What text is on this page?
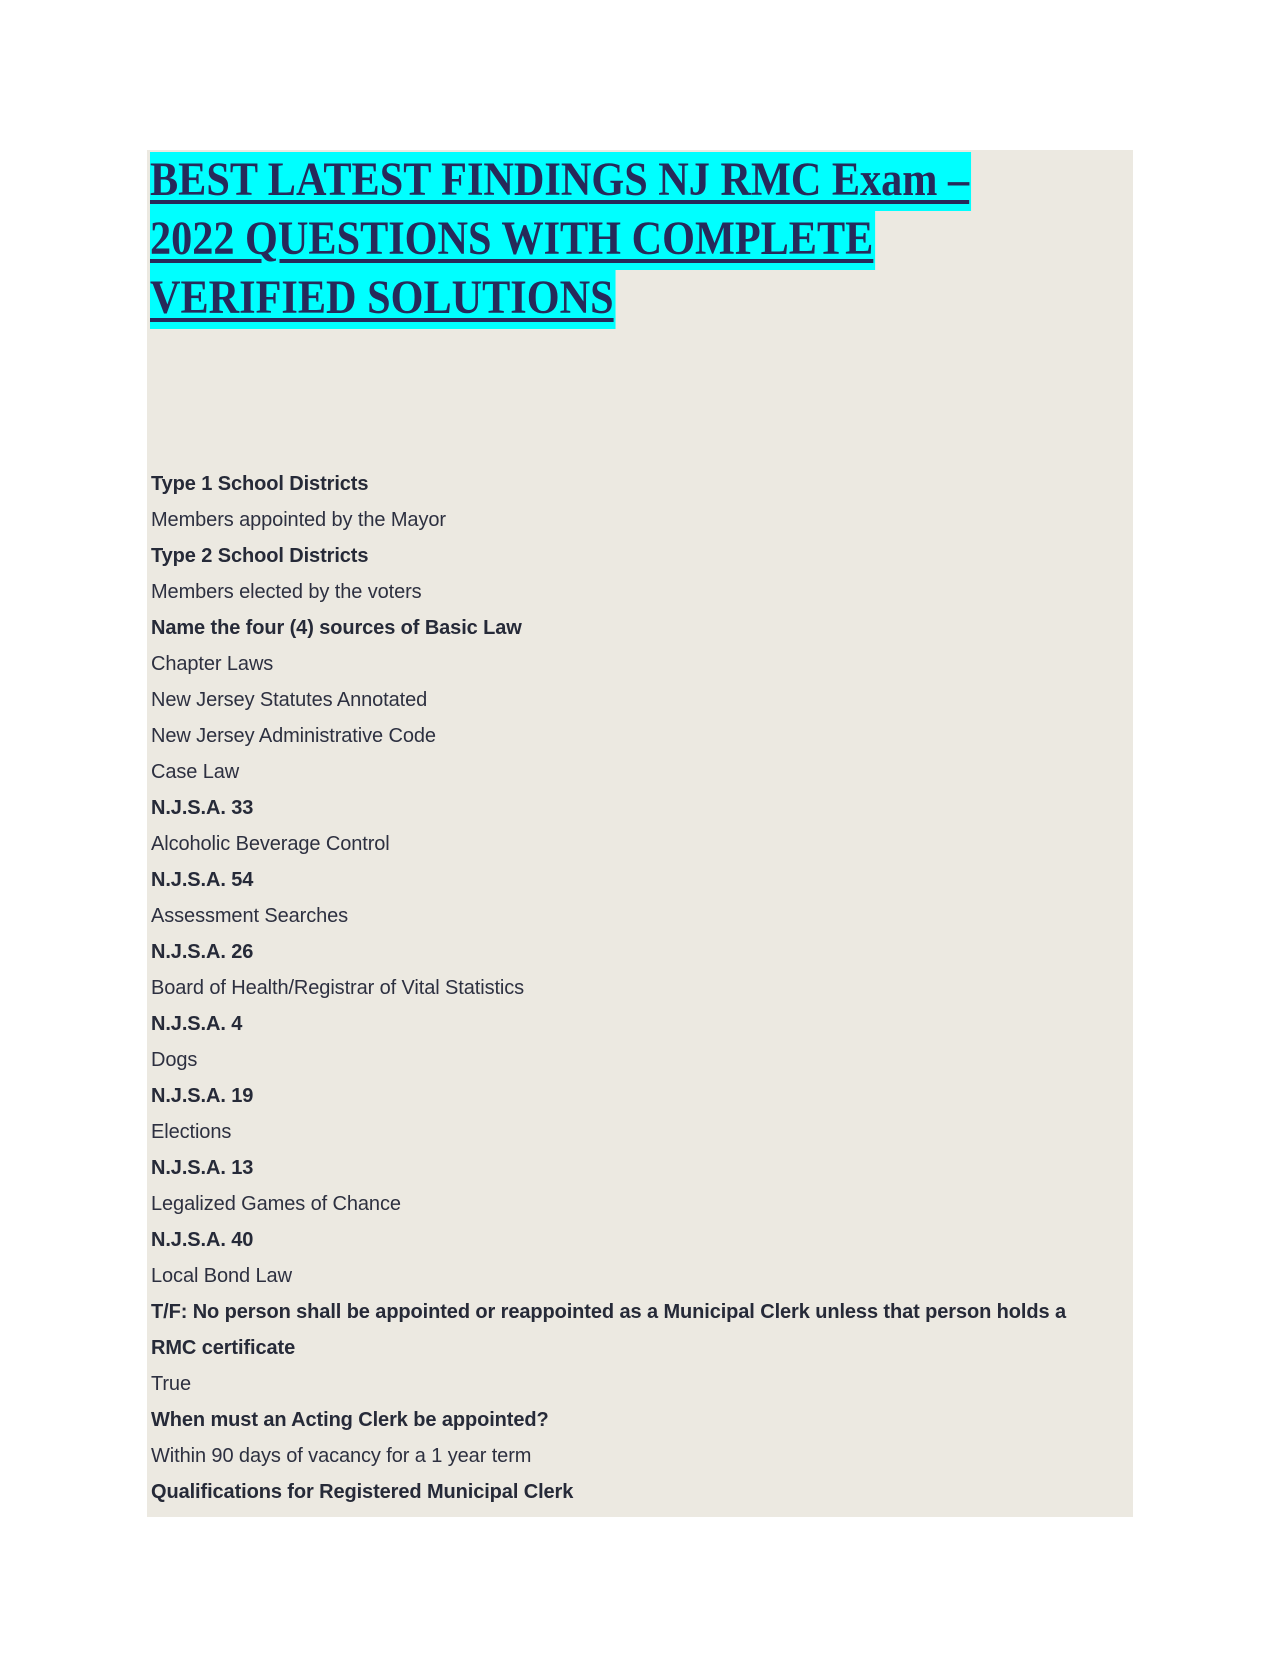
BEST LATEST FINDINGS NJ RMC Exam –
2022 QUESTIONS WITH COMPLETE
VERIFIED SOLUTIONS
Type 1 School Districts
Members appointed by the Mayor
Type 2 School Districts
Members elected by the voters
Name the four (4) sources of Basic Law
Chapter Laws
New Jersey Statutes Annotated
New Jersey Administrative Code
Case Law
N.J.S.A. 33
Alcoholic Beverage Control
N.J.S.A. 54
Assessment Searches
N.J.S.A. 26
Board of Health/Registrar of Vital Statistics
N.J.S.A. 4
Dogs
N.J.S.A. 19
Elections
N.J.S.A. 13
Legalized Games of Chance
N.J.S.A. 40
Local Bond Law
T/F: No person shall be appointed or reappointed as a Municipal Clerk unless that person holds a
RMC certificate
True
When must an Acting Clerk be appointed?
Within 90 days of vacancy for a 1 year term
Qualifications for Registered Municipal Clerk
